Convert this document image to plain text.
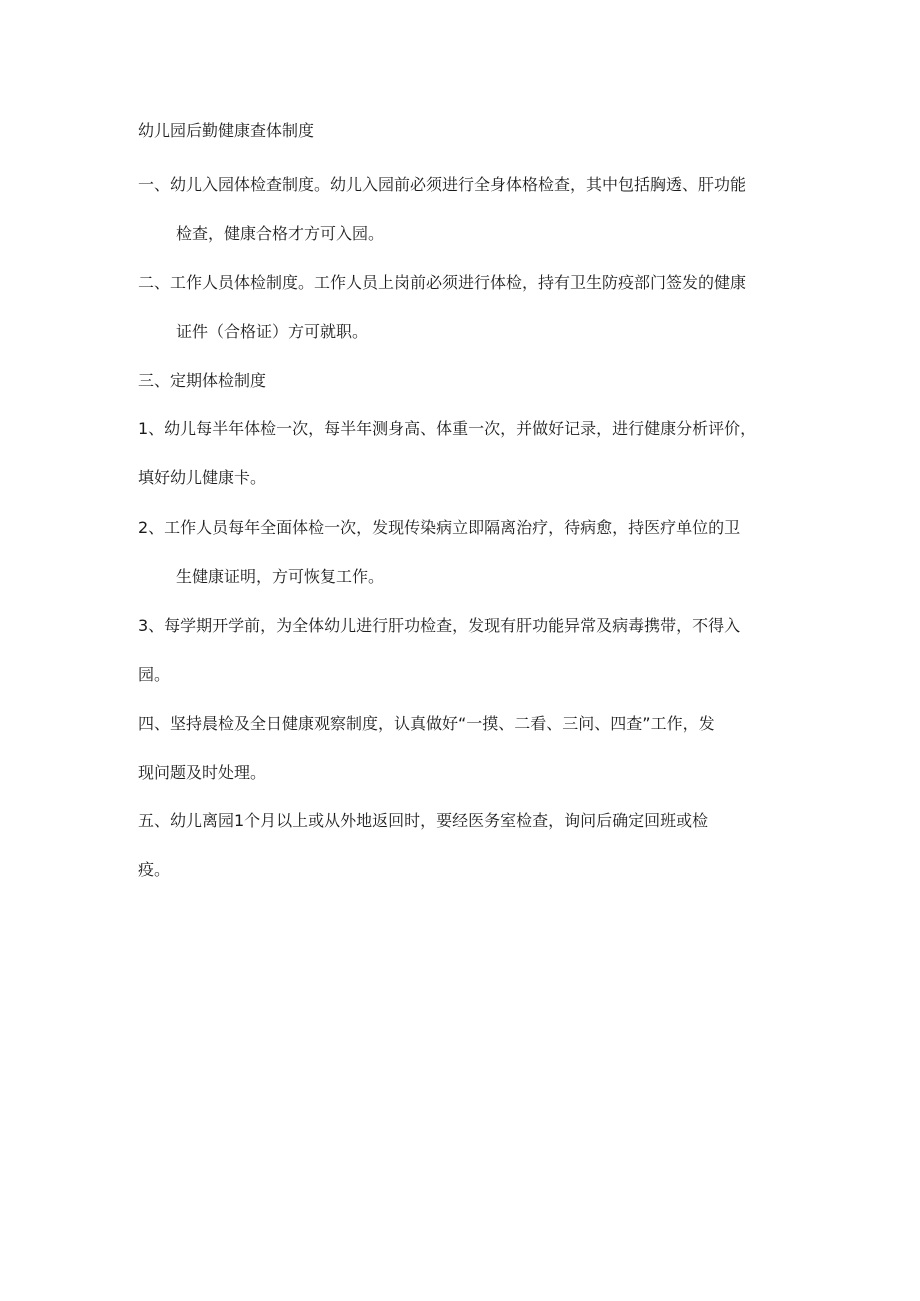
幼儿园后勤健康查体制度
一、幼儿入园体检查制度。幼儿入园前必须进行全身体格检查，其中包括胸透、肝功能
检查，健康合格才方可入园。
二、工作人员体检制度。工作人员上岗前必须进行体检，持有卫生防疫部门签发的健康
证件（合格证）方可就职。
三、定期体检制度
1、幼儿每半年体检一次，每半年测身高、体重一次，并做好记录，进行健康分析评价，
填好幼儿健康卡。
2、工作人员每年全面体检一次，发现传染病立即隔离治疗，待病愈，持医疗单位的卫
生健康证明，方可恢复工作。
3、每学期开学前，为全体幼儿进行肝功检查，发现有肝功能异常及病毒携带，不得入
园。
四、坚持晨检及全日健康观察制度，认真做好“一摸、二看、三问、四查”工作，发
现问题及时处理。
五、幼儿离园1个月以上或从外地返回时，要经医务室检查，询问后确定回班或检
疫。
